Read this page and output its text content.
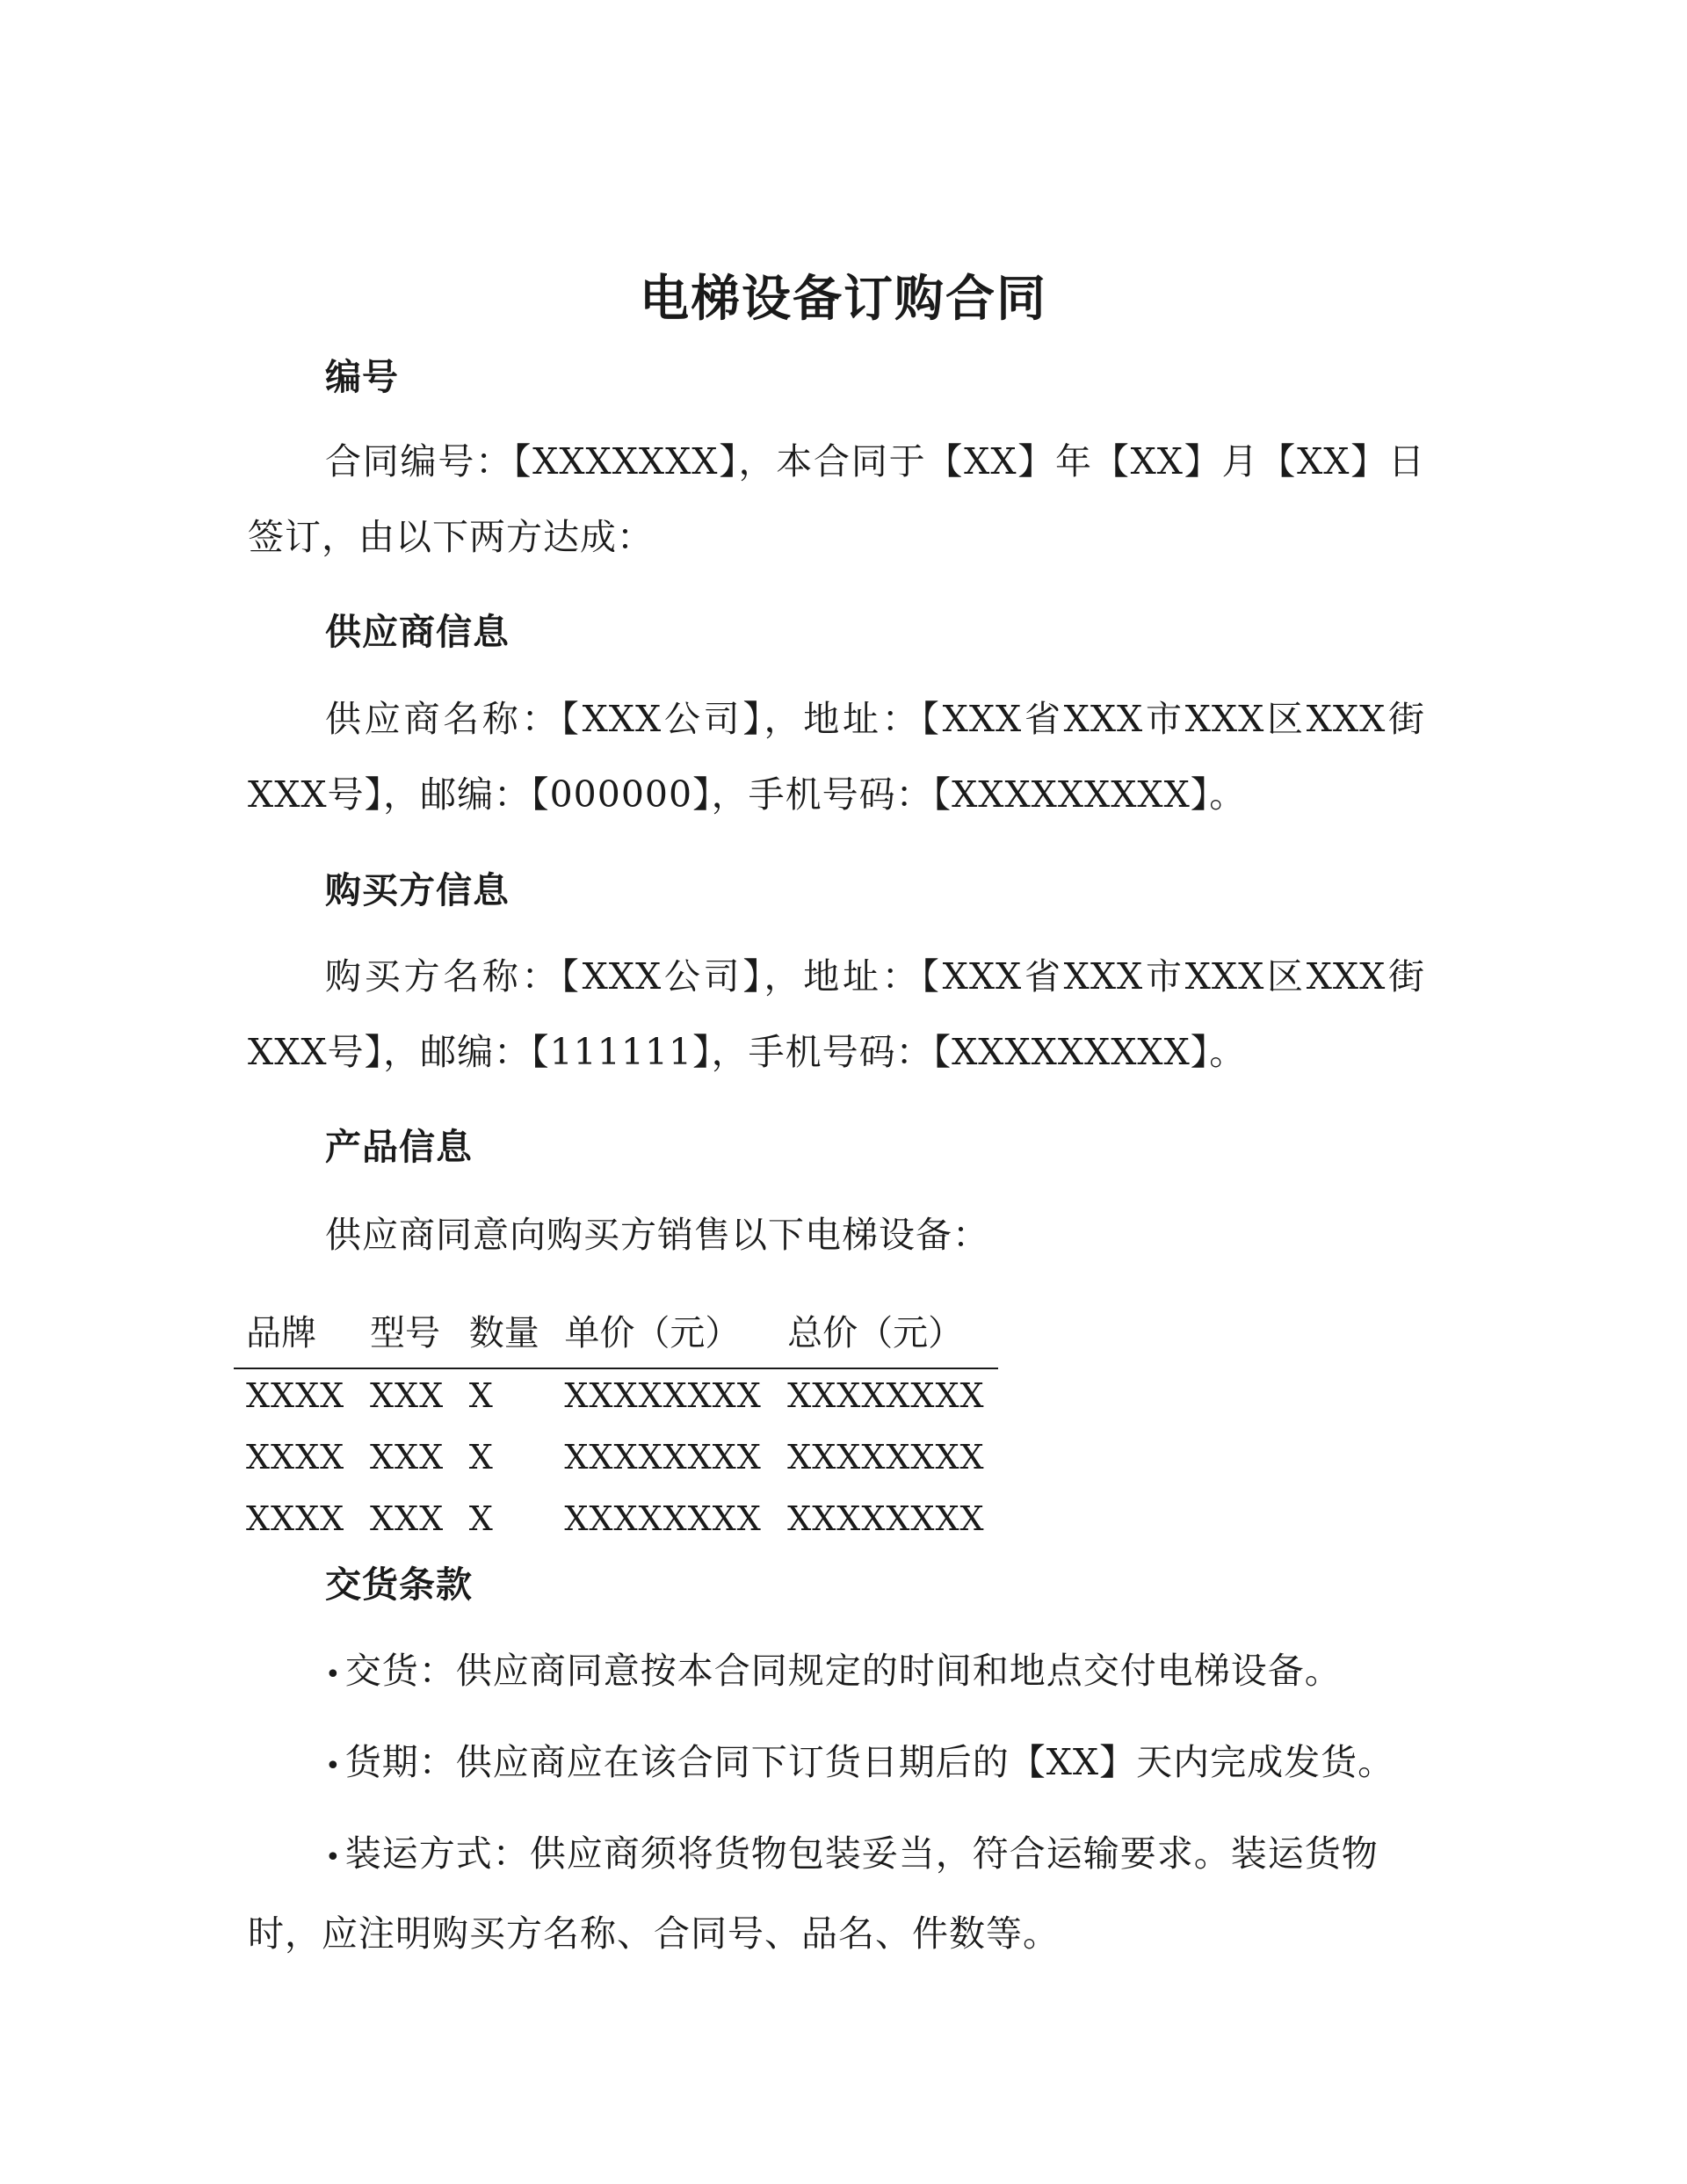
电梯设备订购合同
编号

合同编号：【XXXXXXX】，本合同于【XX】年【XX】月【XX】日签订，由以下两方达成：

供应商信息

供应商名称：【XXX公司】，地址：【XXX省XXX市XXX区XXX街XXX号】，邮编：【000000】，手机号码：【XXXXXXXXX】。

购买方信息

购买方名称：【XXX公司】，地址：【XXX省XXX市XXX区XXX街XXX号】，邮编：【111111】，手机号码：【XXXXXXXXX】。

产品信息

供应商同意向购买方销售以下电梯设备：

品牌	型号	数量	单价（元）	总价（元）
XXXX	XXX	X	XXXXXXXX	XXXXXXXX
XXXX	XXX	X	XXXXXXXX	XXXXXXXX
XXXX	XXX	X	XXXXXXXX	XXXXXXXX
交货条款

•交货：供应商同意按本合同规定的时间和地点交付电梯设备。

•货期：供应商应在该合同下订货日期后的【XX】天内完成发货。

•装运方式：供应商须将货物包装妥当，符合运输要求。装运货物时，应注明购买方名称、合同号、品名、件数等。
